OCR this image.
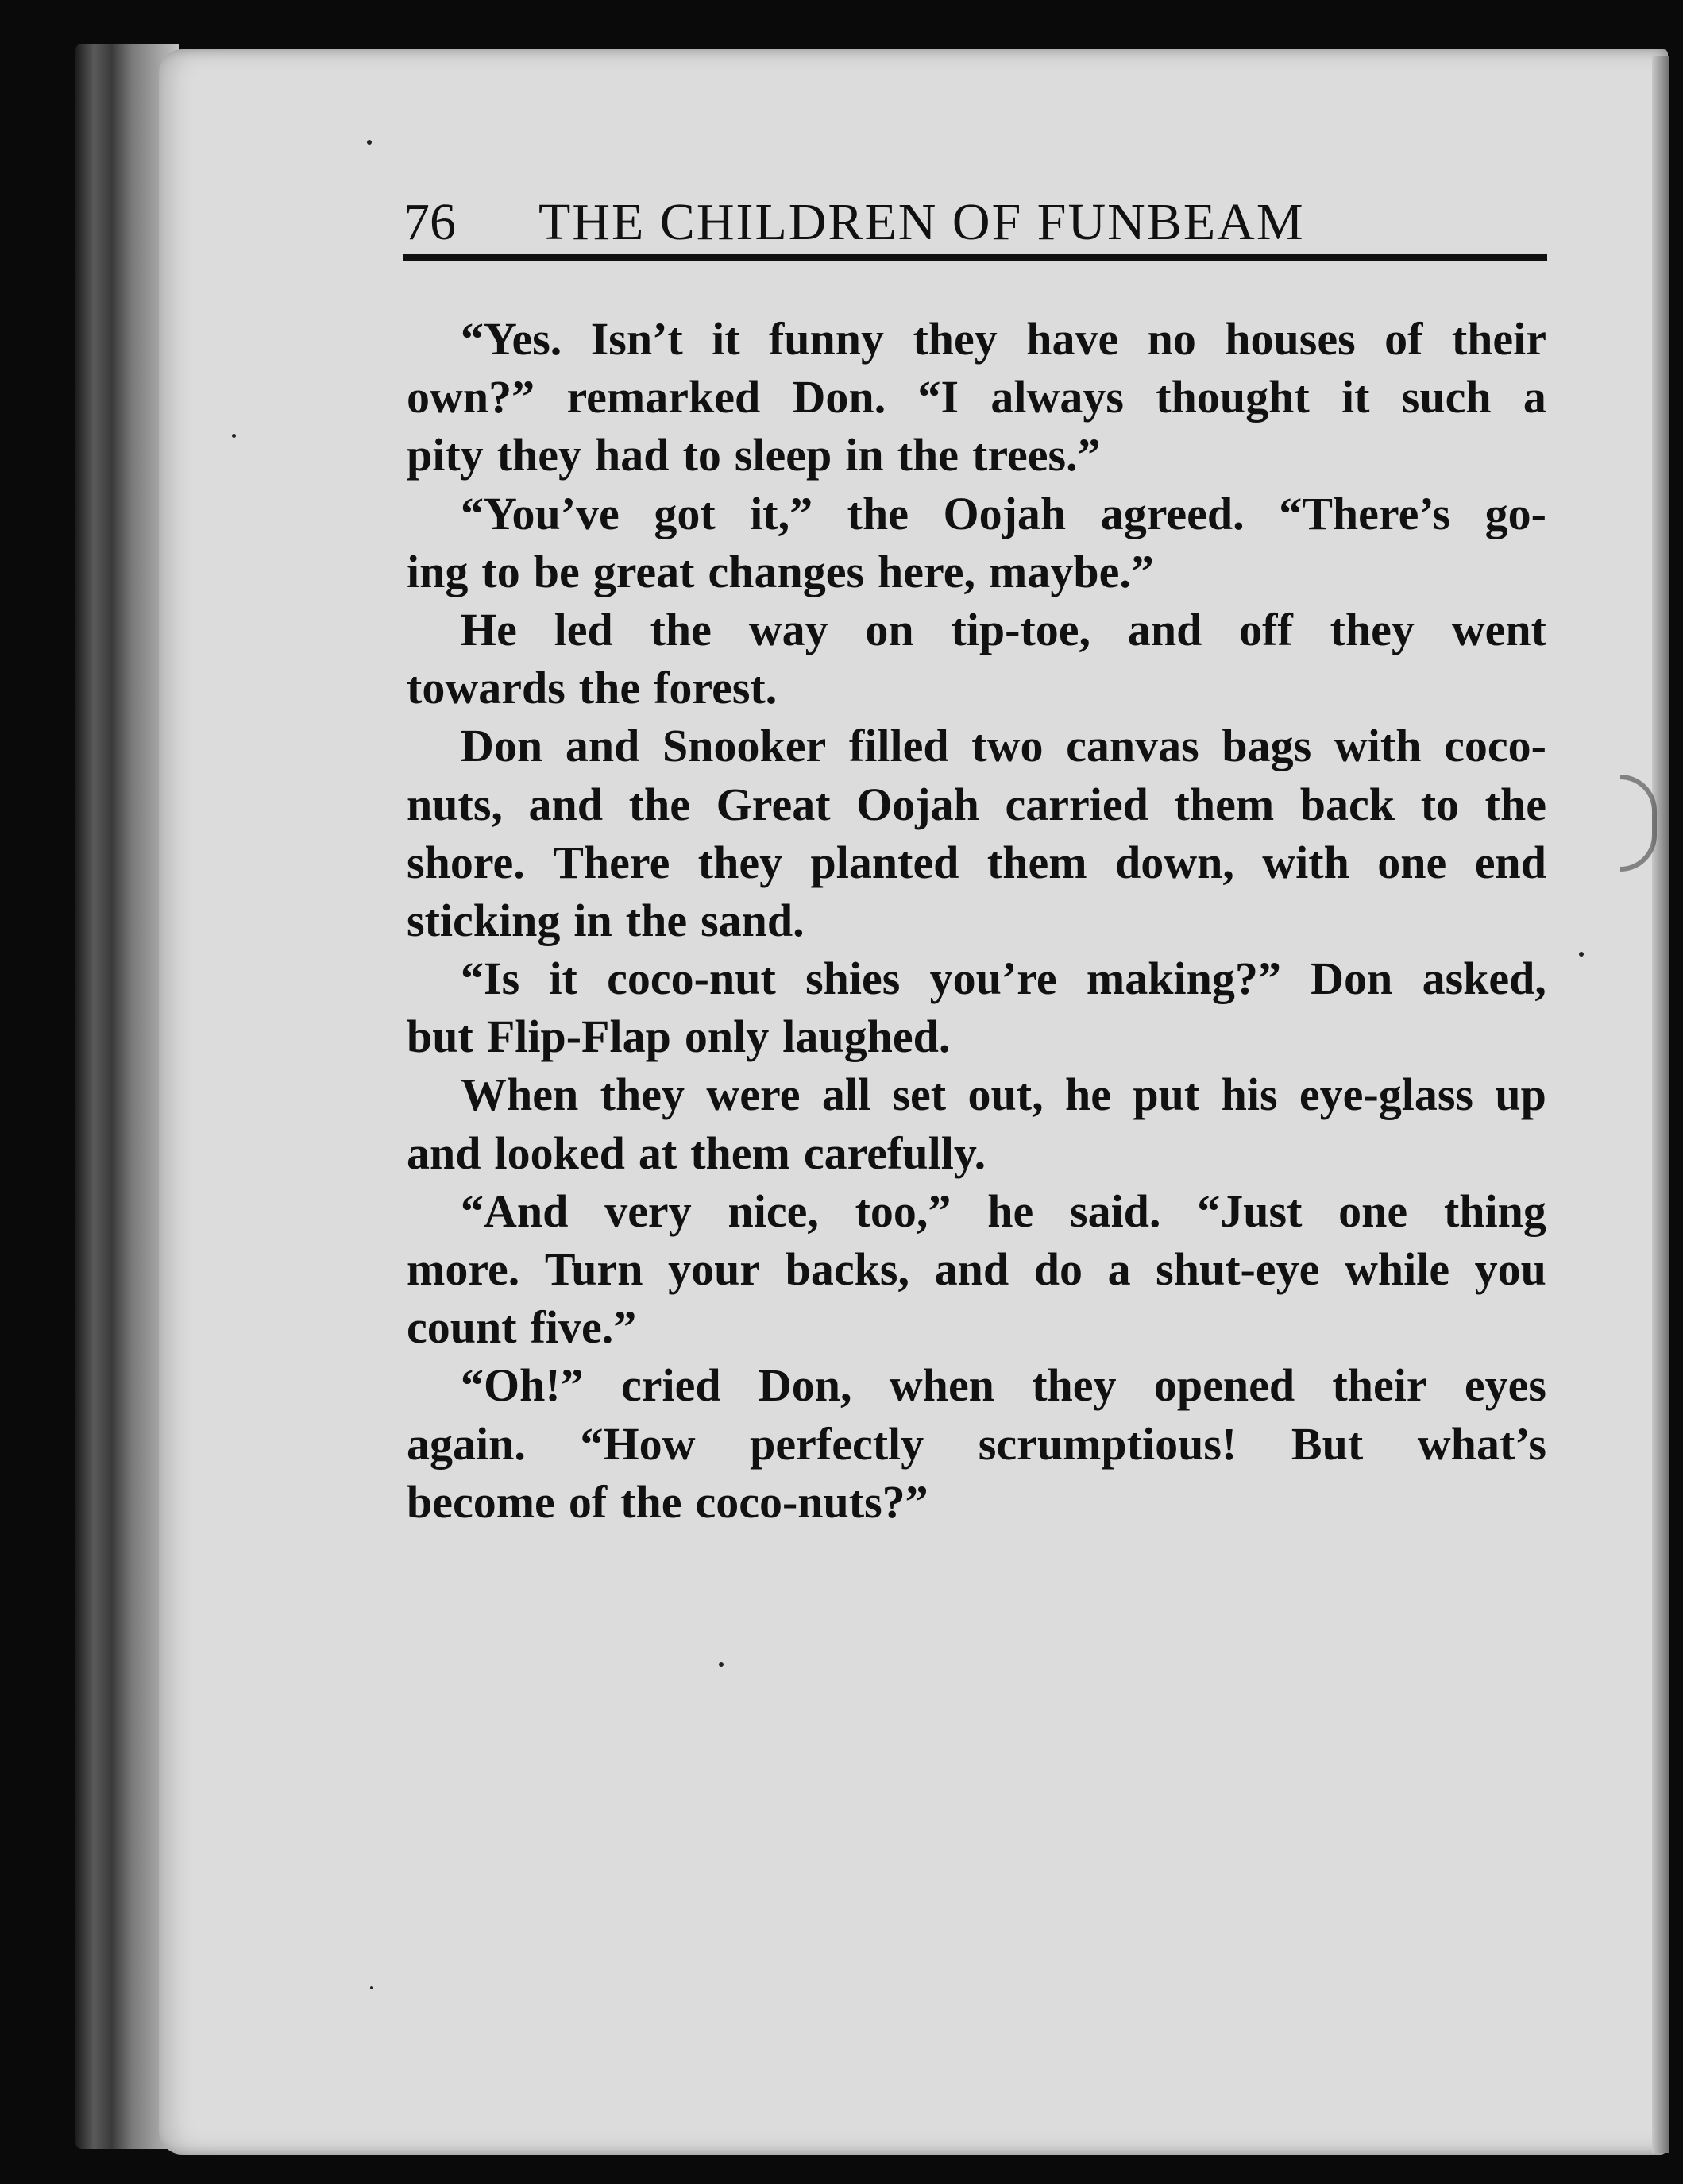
76 THE CHILDREN OF FUNBEAM
“Yes. Isn’t it funny they have no houses of their
own?” remarked Don. “I always thought it such a
pity they had to sleep in the trees.”
“You’ve got it,” the Oojah agreed. “There’s go-
ing to be great changes here, maybe.”
He led the way on tip-toe, and off they went
towards the forest.
Don and Snooker filled two canvas bags with coco-
nuts, and the Great Oojah carried them back to the
shore. There they planted them down, with one end
sticking in the sand.
“Is it coco-nut shies you’re making?” Don asked,
but Flip-Flap only laughed.
When they were all set out, he put his eye-glass up
and looked at them carefully.
“And very nice, too,” he said. “Just one thing
more. Turn your backs, and do a shut-eye while you
count five.”
“Oh!” cried Don, when they opened their eyes
again. “How perfectly scrumptious! But what’s
become of the coco-nuts?”
